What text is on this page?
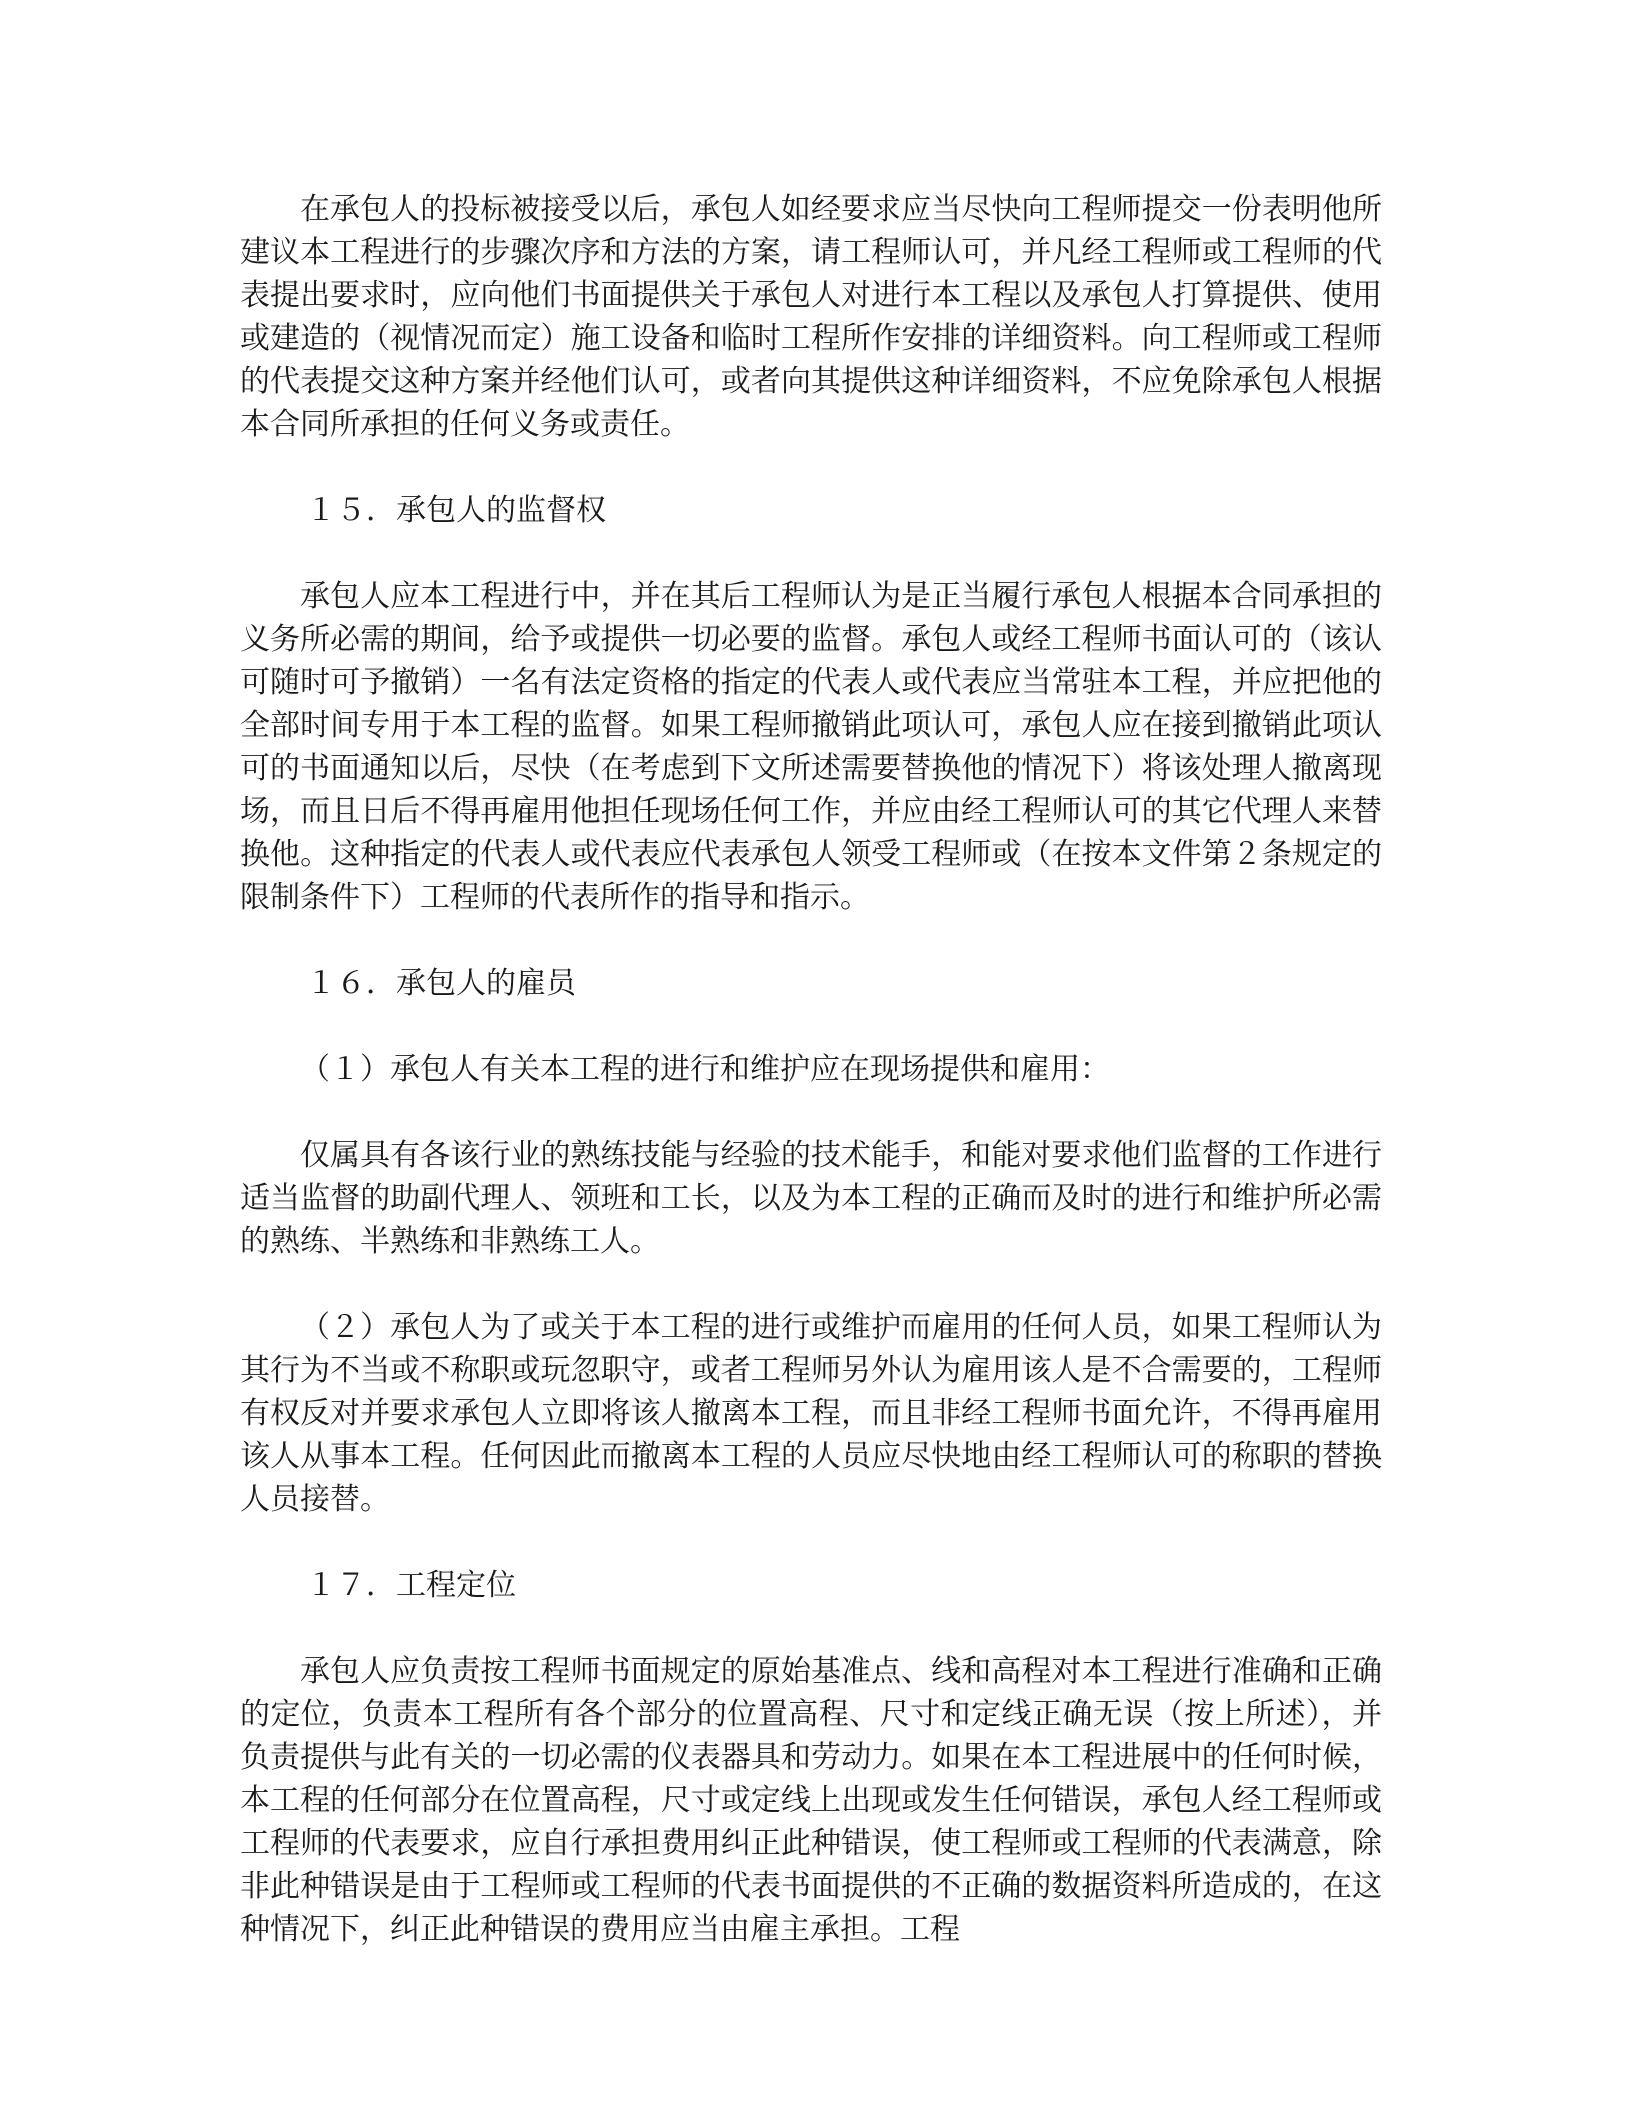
在承包人的投标被接受以后，承包人如经要求应当尽快向工程师提交一份表明他所建议本工程进行的步骤次序和方法的方案，请工程师认可，并凡经工程师或工程师的代表提出要求时，应向他们书面提供关于承包人对进行本工程以及承包人打算提供、使用或建造的（视情况而定）施工设备和临时工程所作安排的详细资料。向工程师或工程师的代表提交这种方案并经他们认可，或者向其提供这种详细资料，不应免除承包人根据本合同所承担的任何义务或责任。

１５．承包人的监督权

承包人应本工程进行中，并在其后工程师认为是正当履行承包人根据本合同承担的义务所必需的期间，给予或提供一切必要的监督。承包人或经工程师书面认可的（该认可随时可予撤销）一名有法定资格的指定的代表人或代表应当常驻本工程，并应把他的全部时间专用于本工程的监督。如果工程师撤销此项认可，承包人应在接到撤销此项认可的书面通知以后，尽快（在考虑到下文所述需要替换他的情况下）将该处理人撤离现场，而且日后不得再雇用他担任现场任何工作，并应由经工程师认可的其它代理人来替换他。这种指定的代表人或代表应代表承包人领受工程师或（在按本文件第２条规定的限制条件下）工程师的代表所作的指导和指示。

１６．承包人的雇员

（１）承包人有关本工程的进行和维护应在现场提供和雇用：

仅属具有各该行业的熟练技能与经验的技术能手，和能对要求他们监督的工作进行适当监督的助副代理人、领班和工长，以及为本工程的正确而及时的进行和维护所必需的熟练、半熟练和非熟练工人。

（２）承包人为了或关于本工程的进行或维护而雇用的任何人员，如果工程师认为其行为不当或不称职或玩忽职守，或者工程师另外认为雇用该人是不合需要的，工程师有权反对并要求承包人立即将该人撤离本工程，而且非经工程师书面允许，不得再雇用该人从事本工程。任何因此而撤离本工程的人员应尽快地由经工程师认可的称职的替换人员接替。

１７．工程定位

承包人应负责按工程师书面规定的原始基准点、线和高程对本工程进行准确和正确的定位，负责本工程所有各个部分的位置高程、尺寸和定线正确无误（按上所述），并负责提供与此有关的一切必需的仪表器具和劳动力。如果在本工程进展中的任何时候，本工程的任何部分在位置高程，尺寸或定线上出现或发生任何错误，承包人经工程师或工程师的代表要求，应自行承担费用纠正此种错误，使工程师或工程师的代表满意，除非此种错误是由于工程师或工程师的代表书面提供的不正确的数据资料所造成的，在这种情况下，纠正此种错误的费用应当由雇主承担。工程
